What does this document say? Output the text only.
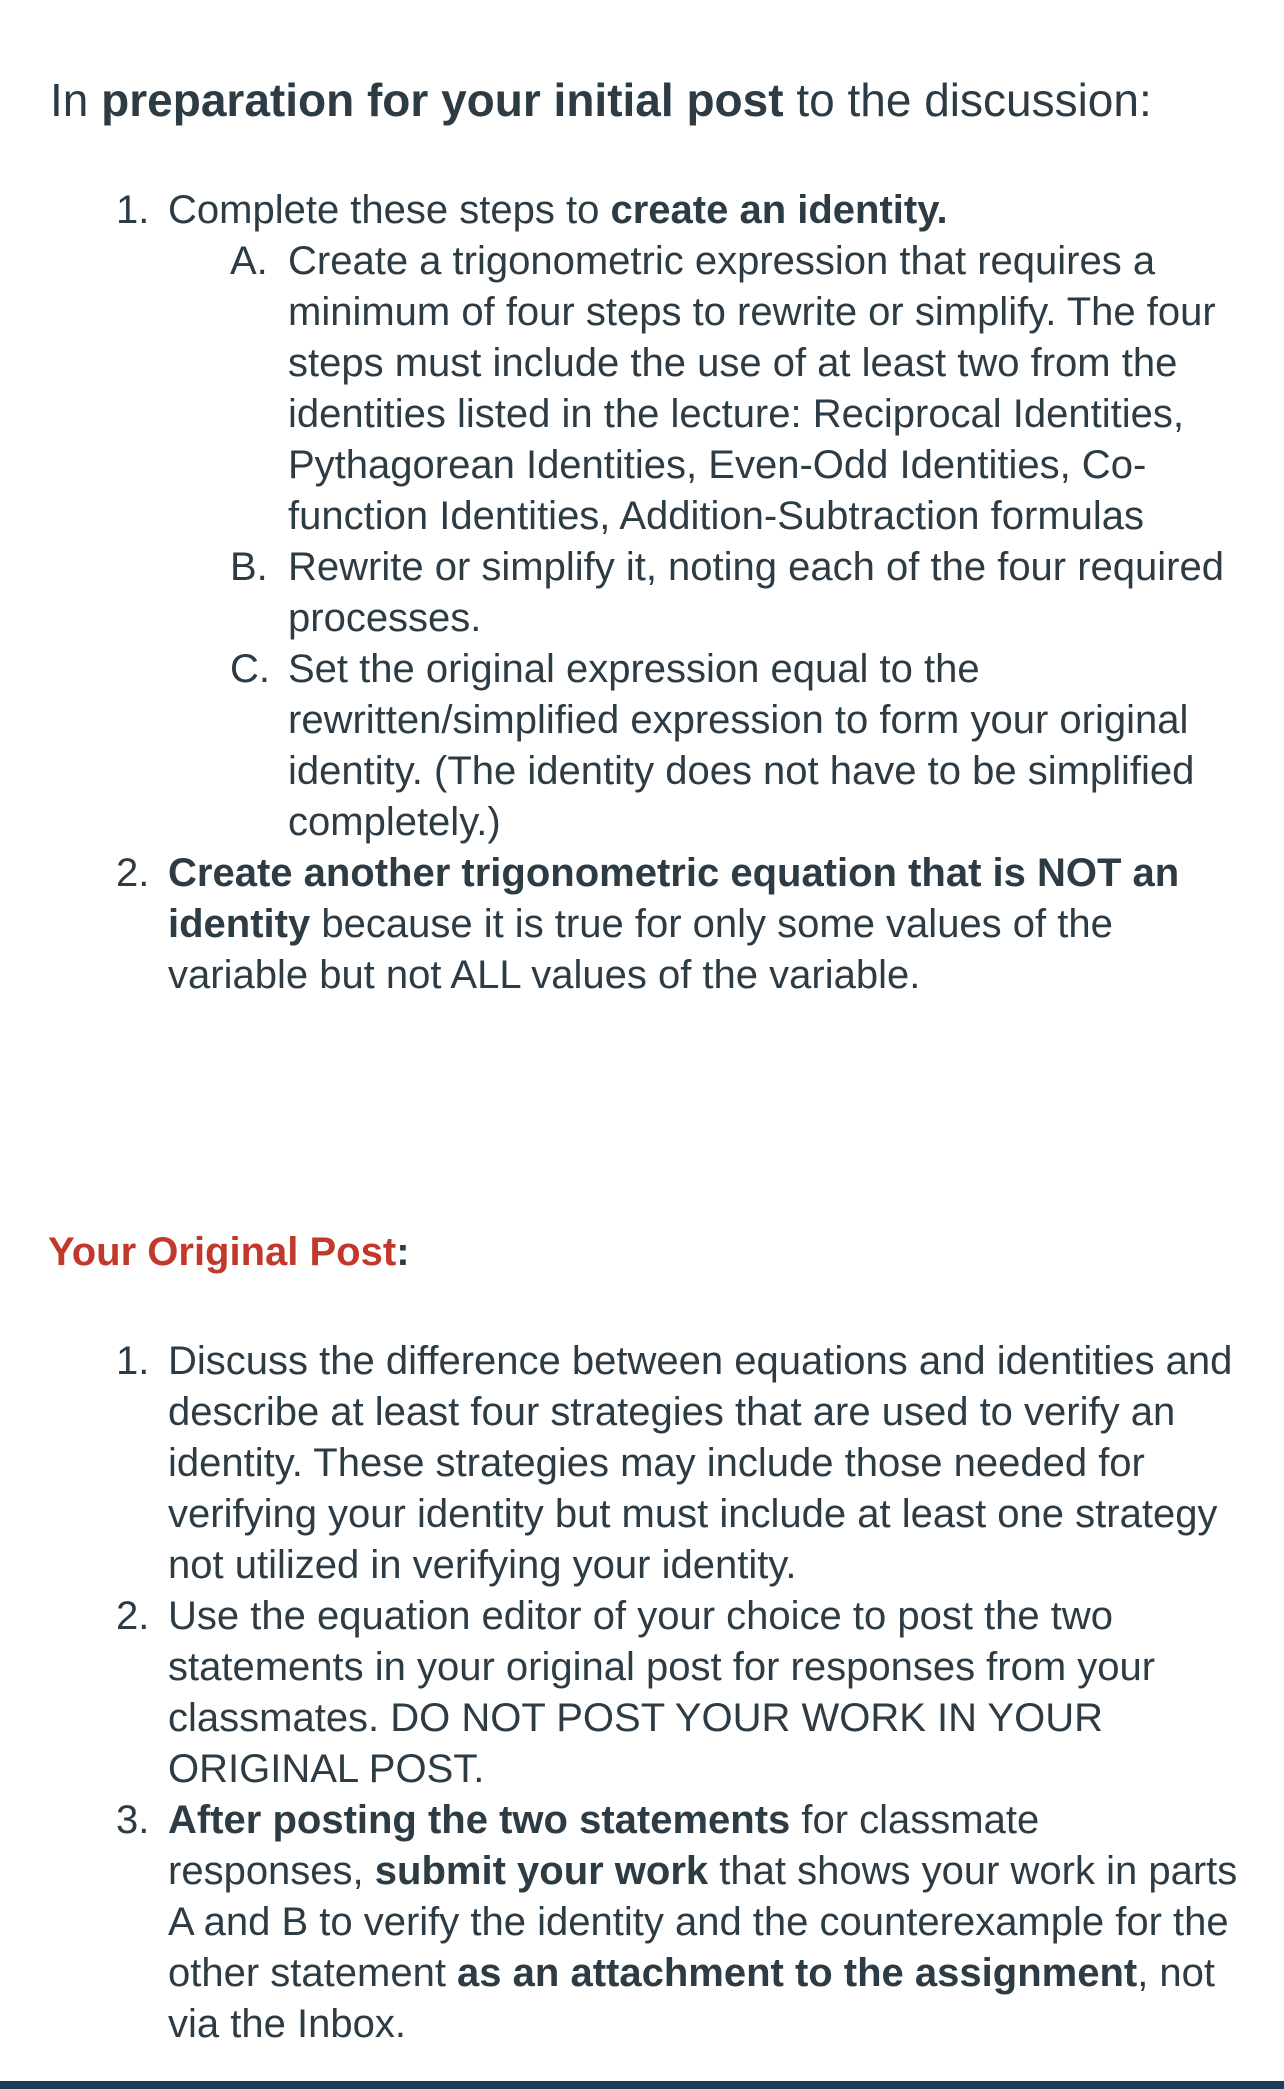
In preparation for your initial post to the discussion:
1. Complete these steps to create an identity.
A. Create a trigonometric expression that requires a minimum of four steps to rewrite or simplify. The four steps must include the use of at least two from the identities listed in the lecture: Reciprocal Identities, Pythagorean Identities, Even-Odd Identities, Co-function Identities, Addition-Subtraction formulas
B. Rewrite or simplify it, noting each of the four required processes.
C. Set the original expression equal to the rewritten/simplified expression to form your original identity. (The identity does not have to be simplified completely.)
2. Create another trigonometric equation that is NOT an identity because it is true for only some values of the variable but not ALL values of the variable.
Your Original Post:
1. Discuss the difference between equations and identities and describe at least four strategies that are used to verify an identity. These strategies may include those needed for verifying your identity but must include at least one strategy not utilized in verifying your identity.
2. Use the equation editor of your choice to post the two statements in your original post for responses from your classmates. DO NOT POST YOUR WORK IN YOUR ORIGINAL POST.
3. After posting the two statements for classmate responses, submit your work that shows your work in parts A and B to verify the identity and the counterexample for the other statement as an attachment to the assignment, not via the Inbox.
